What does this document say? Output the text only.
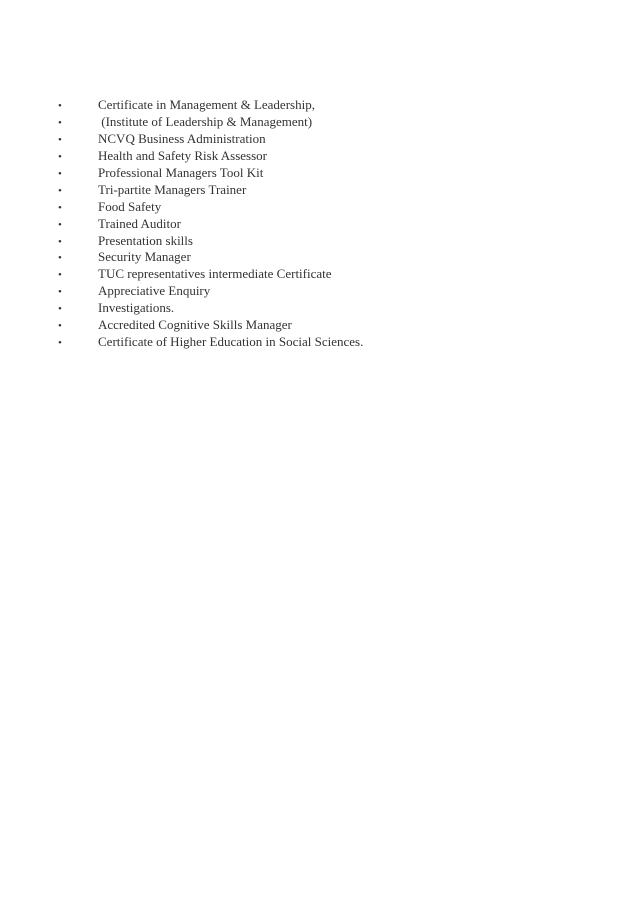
•	Certificate in Management & Leadership,
•	(Institute of Leadership & Management)
•	NCVQ Business Administration
•	Health and Safety Risk Assessor
•	Professional Managers Tool Kit
•	Tri-partite Managers Trainer
•	Food Safety
•	Trained Auditor
•	Presentation skills
•	Security Manager
•	TUC representatives intermediate Certificate
•	Appreciative Enquiry
•	Investigations.
•	Accredited Cognitive Skills Manager
•	Certificate of Higher Education in Social Sciences.
